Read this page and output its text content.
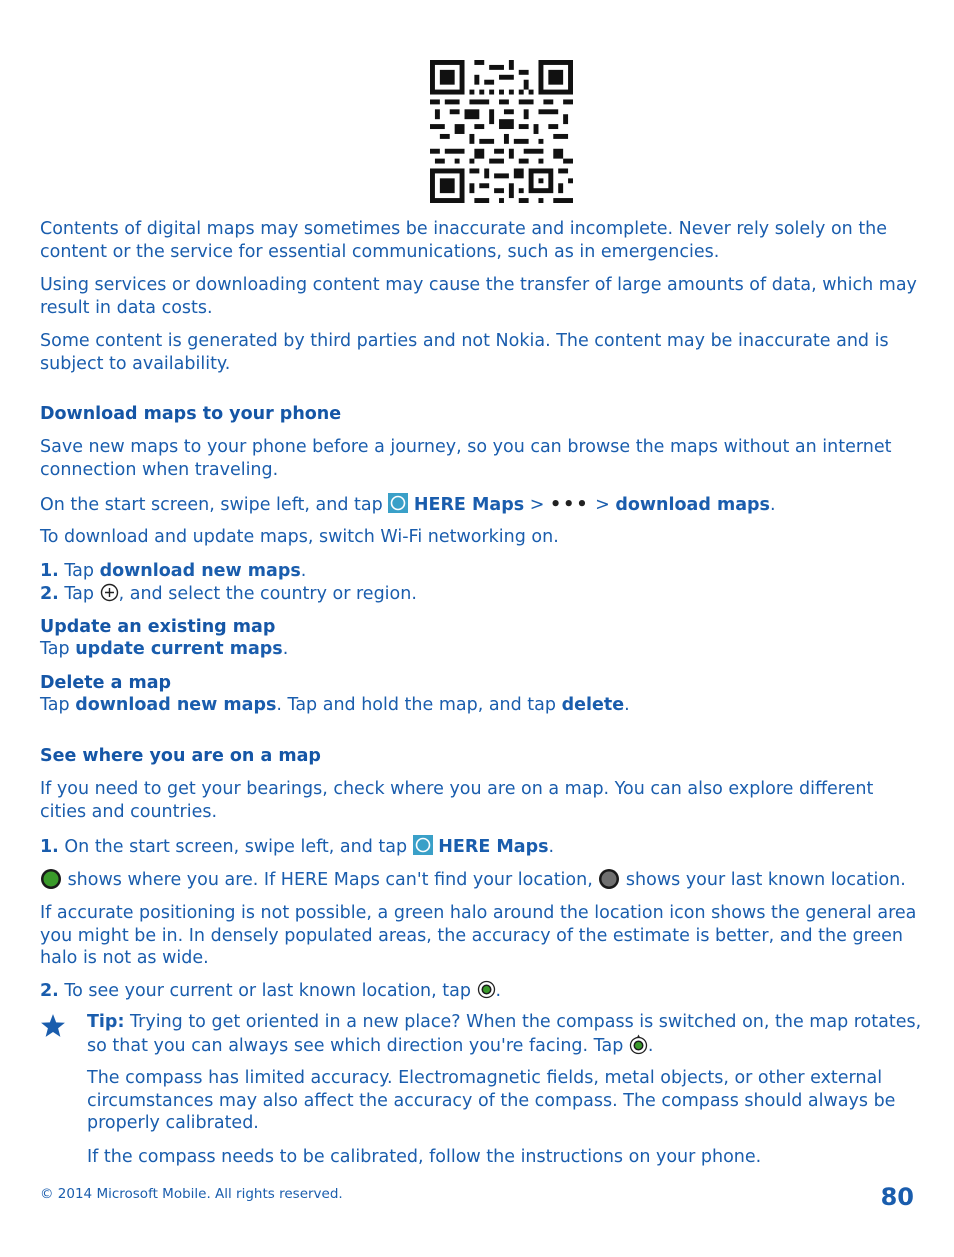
Contents of digital maps may sometimes be inaccurate and incomplete. Never rely solely on the content or the service for essential communications, such as in emergencies.

Using services or downloading content may cause the transfer of large amounts of data, which may result in data costs.

Some content is generated by third parties and not Nokia. The content may be inaccurate and is subject to availability.

Download maps to your phone

Save new maps to your phone before a journey, so you can browse the maps without an internet connection when traveling.

On the start screen, swipe left, and tap  HERE Maps > ••• > download maps.

To download and update maps, switch Wi-Fi networking on.

1. Tap download new maps.

2. Tap , and select the country or region.

Update an existing map

Tap update current maps.

Delete a map

Tap download new maps. Tap and hold the map, and tap delete.

See where you are on a map

If you need to get your bearings, check where you are on a map. You can also explore different cities and countries.

1. On the start screen, swipe left, and tap  HERE Maps.

shows where you are. If HERE Maps can't find your location,  shows your last known location.

If accurate positioning is not possible, a green halo around the location icon shows the general area you might be in. In densely populated areas, the accuracy of the estimate is better, and the green halo is not as wide.

2. To see your current or last known location, tap .

Tip: Trying to get oriented in a new place? When the compass is switched on, the map rotates, so that you can always see which direction you're facing. Tap .

The compass has limited accuracy. Electromagnetic fields, metal objects, or other external circumstances may also affect the accuracy of the compass. The compass should always be properly calibrated.

If the compass needs to be calibrated, follow the instructions on your phone.

© 2014 Microsoft Mobile. All rights reserved.	80
